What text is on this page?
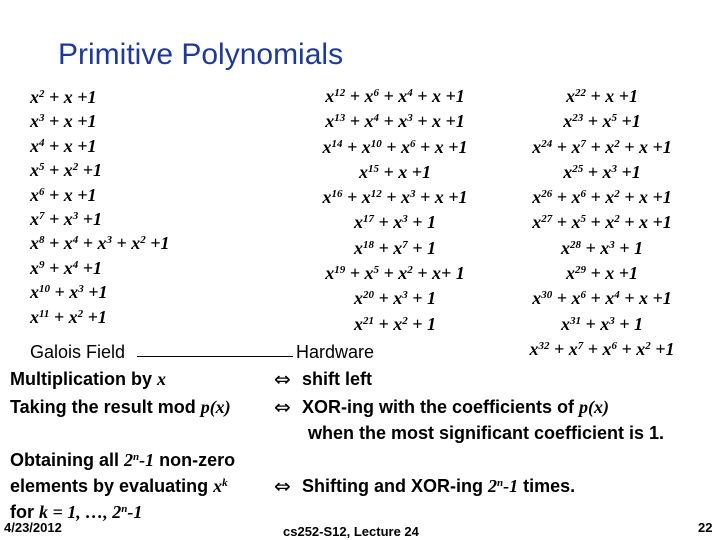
Primitive Polynomials
$x^2 + x +1$
$x^3 + x +1$
$x^4 + x +1$
$x^5 + x^2 +1$
$x^6 + x +1$
$x^7 + x^3 +1$
$x^8 + x^4 + x^3 + x^2 +1$
$x^9 + x^4 +1$
$x^{10} + x^3 +1$
$x^{11} + x^2 +1$
$x^{12} + x^6 + x^4 + x +1$
$x^{13} + x^4 + x^3 + x +1$
$x^{14} + x^{10} + x^6 + x +1$
$x^{15} + x +1$
$x^{16} + x^{12} + x^3 + x +1$
$x^{17} + x^3 + 1$
$x^{18} + x^7 + 1$
$x^{19} + x^5 + x^2 + x+ 1$
$x^{20} + x^3 + 1$
$x^{21} + x^2 + 1$
$x^{22} + x +1$
$x^{23} + x^5 +1$
$x^{24} + x^7 + x^2 + x +1$
$x^{25} + x^3 +1$
$x^{26} + x^6 + x^2 + x +1$
$x^{27} + x^5 + x^2 + x +1$
$x^{28} + x^3 + 1$
$x^{29} + x +1$
$x^{30} + x^6 + x^4 + x +1$
$x^{31} + x^3 + 1$
$x^{32} + x^7 + x^6 + x^2 +1$
Galois Field	Hardware
Multiplication by x	⇔ shift left
Taking the result mod p(x) ⇔ XOR-ing with the coefficients of p(x)
when the most significant coefficient is 1.
Obtaining all 2$^n$-1 non-zero
elements by evaluating $x^k$ ⇔ Shifting and XOR-ing 2$^n$-1 times.
for k = 1, …, 2$^n$-1
4/23/2012	cs252-S12, Lecture 24	22
